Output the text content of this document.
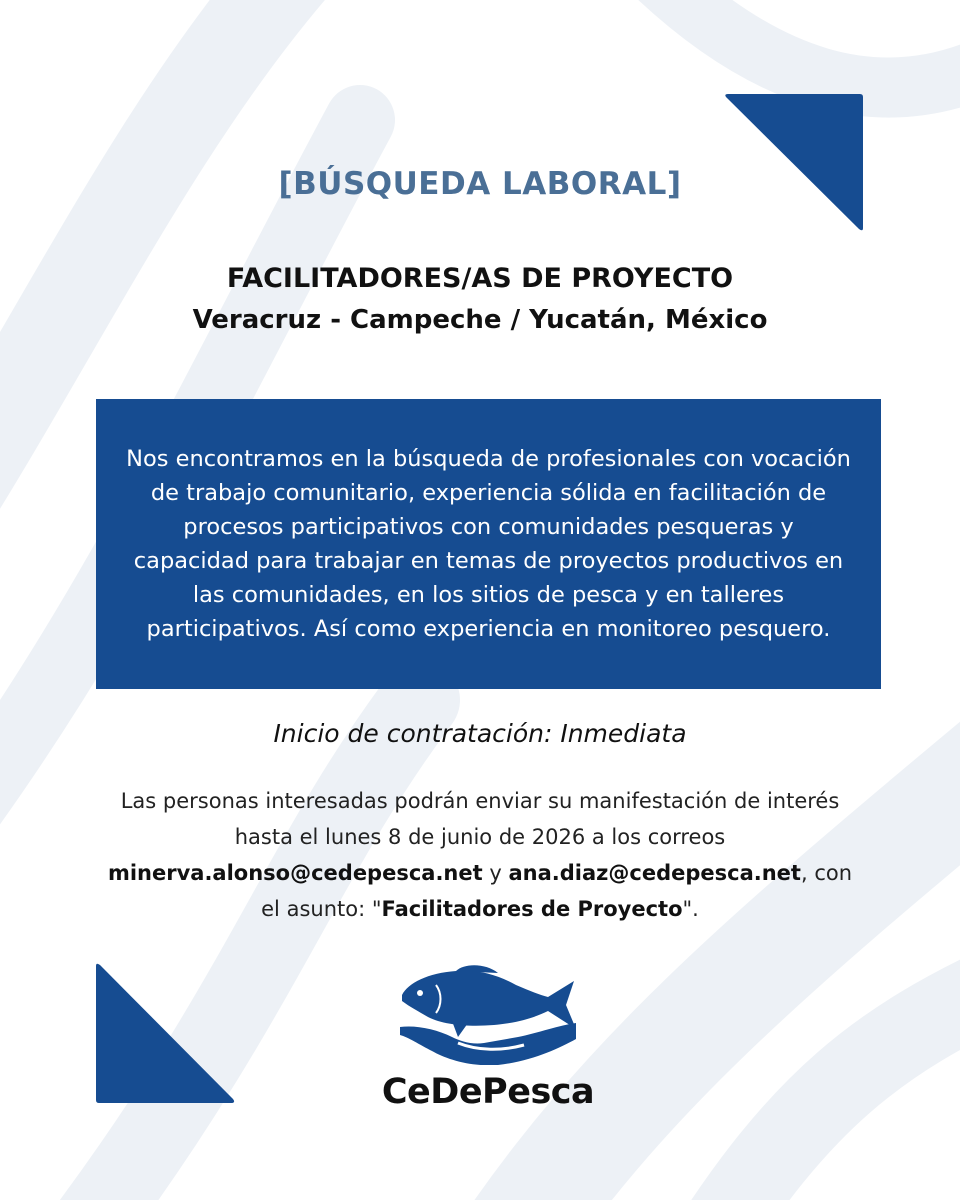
[BÚSQUEDA LABORAL]
FACILITADORES/AS DE PROYECTO
Veracruz - Campeche / Yucatán, México

Nos encontramos en la búsqueda de profesionales con vocación de trabajo comunitario, experiencia sólida en facilitación de procesos participativos con comunidades pesqueras y capacidad para trabajar en temas de proyectos productivos en las comunidades, en los sitios de pesca y en talleres participativos. Así como experiencia en monitoreo pesquero.

Inicio de contratación: Inmediata
Las personas interesadas podrán enviar su manifestación de interés hasta el lunes 8 de junio de 2026 a los correos minerva.alonso@cedepesca.net y ana.diaz@cedepesca.net, con el asunto: "Facilitadores de Proyecto".
CeDePesca
